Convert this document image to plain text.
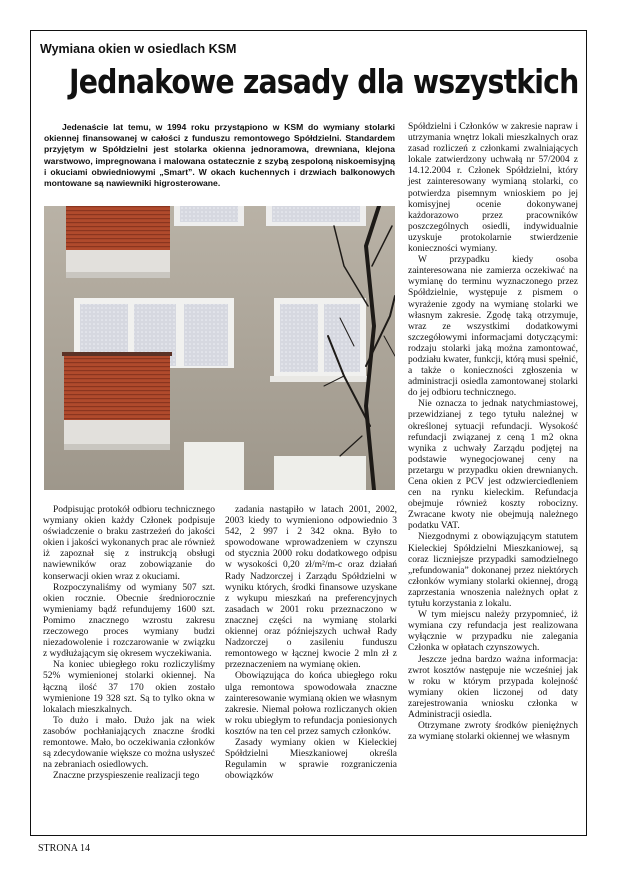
Wymiana okien w osiedlach KSM
Jednakowe zasady dla wszystkich
Jedenaście lat temu, w 1994 roku przystąpiono w KSM do wymiany stolarki okiennej finansowanej w całości z funduszu remontowego Spółdzielni. Standardem przyjętym w Spółdzielni jest stolarka okienna jednoramowa, drewniana, klejona warstwowo, impregnowana i malowana ostatecznie z szybą zespoloną niskoemisyjną i okuciami obwiedniowymi „Smart”. W okach kuchennych i drzwiach balkonowych montowane są nawiewniki higrosterowane.

Podpisując protokół odbioru technicznego wymiany okien każdy Członek podpisuje oświadczenie o braku zastrzeżeń do jakości okien i jakości wykonanych prac ale również iż zapoznał się z instrukcją obsługi nawiewników oraz zobowiązanie do konserwacji okien wraz z okuciami.

Rozpoczynaliśmy od wymiany 507 szt. okien rocznie. Obecnie średniorocznie wymieniamy bądź refundujemy 1600 szt. Pomimo znacznego wzrostu zakresu rzeczowego proces wymiany budzi niezadowolenie i rozczarowanie w związku z wydłużającym się okresem wyczekiwania.

Na koniec ubiegłego roku rozliczyliśmy 52% wymienionej stolarki okiennej. Na łączną ilość 37 170 okien zostało wymienione 19 328 szt. Są to tylko okna w lokalach mieszkalnych.

To dużo i mało. Dużo jak na wiek zasobów pochłaniających znaczne środki remontowe. Mało, bo oczekiwania członków są zdecydowanie większe co można usłyszeć na zebraniach osiedlowych.

Znaczne przyspieszenie realizacji tego

zadania nastąpiło w latach 2001, 2002, 2003 kiedy to wymieniono odpowiednio 3 542, 2 997 i 2 342 okna. Było to spowodowane wprowadzeniem w czynszu od stycznia 2000 roku dodatkowego odpisu w wysokości 0,20 zł/m²/m-c oraz działań Rady Nadzorczej i Zarządu Spółdzielni w wyniku których, środki finansowe uzyskane z wykupu mieszkań na preferencyjnych zasadach w 2001 roku przeznaczono w znacznej części na wymianę stolarki okiennej oraz późniejszych uchwał Rady Nadzorczej o zasileniu funduszu remontowego w łącznej kwocie 2 mln zł z przeznaczeniem na wymianę okien.

Obowiązująca do końca ubiegłego roku ulga remontowa spowodowała znaczne zainteresowanie wymianą okien we własnym zakresie. Niemal połowa rozliczanych okien w roku ubiegłym to refundacja poniesionych kosztów na ten cel przez samych członków.

Zasady wymiany okien w Kieleckiej Spółdzielni Mieszkaniowej określa Regulamin w sprawie rozgraniczenia obowiązków

Spółdzielni i Członków w zakresie napraw i utrzymania wnętrz lokali mieszkalnych oraz zasad rozliczeń z członkami zwalniających lokale zatwierdzony uchwałą nr 57/2004 z 14.12.2004 r. Członek Spółdzielni, który jest zainteresowany wymianą stolarki, co potwierdza pisemnym wnioskiem po jej komisyjnej ocenie dokonywanej każdorazowo przez pracowników poszczególnych osiedli, indywidualnie uzyskuje protokolarnie stwierdzenie konieczności wymiany.

W przypadku kiedy osoba zainteresowana nie zamierza oczekiwać na wymianę do terminu wyznaczonego przez Spółdzielnie, występuje z pismem o wyrażenie zgody na wymianę stolarki we własnym zakresie. Zgodę taką otrzymuje, wraz ze wszystkimi dodatkowymi szczegółowymi informacjami dotyczącymi: rodzaju stolarki jaką można zamontować, podziału kwater, funkcji, którą musi spełnić, a także o konieczności zgłoszenia w administracji osiedla zamontowanej stolarki do jej odbioru technicznego.

Nie oznacza to jednak natychmiastowej, przewidzianej z tego tytułu należnej w określonej sytuacji refundacji. Wysokość refundacji związanej z ceną 1 m2 okna wynika z uchwały Zarządu podjętej na podstawie wynegocjowanej ceny na przetargu w przypadku okien drewnianych. Cena okien z PCV jest odzwierciedleniem cen na rynku kieleckim. Refundacja obejmuje również koszty robocizny. Zwracane kwoty nie obejmują należnego podatku VAT.

Niezgodnymi z obowiązującym statutem Kieleckiej Spółdzielni Mieszkaniowej, są coraz liczniejsze przypadki samodzielnego „refundowania” dokonanej przez niektórych członków wymiany stolarki okiennej, drogą zaprzestania wnoszenia należnych opłat z tytułu korzystania z lokalu.

W tym miejscu należy przypomnieć, iż wymiana czy refundacja jest realizowana wyłącznie w przypadku nie zalegania Członka w opłatach czynszowych.

Jeszcze jedna bardzo ważna informacja: zwrot kosztów następuje nie wcześniej jak w roku w którym przypada kolejność wymiany okien liczonej od daty zarejestrowania wniosku członka w Administracji osiedla.

Otrzymane zwroty środków pieniężnych za wymianę stolarki okiennej we własnym

STRONA 14
